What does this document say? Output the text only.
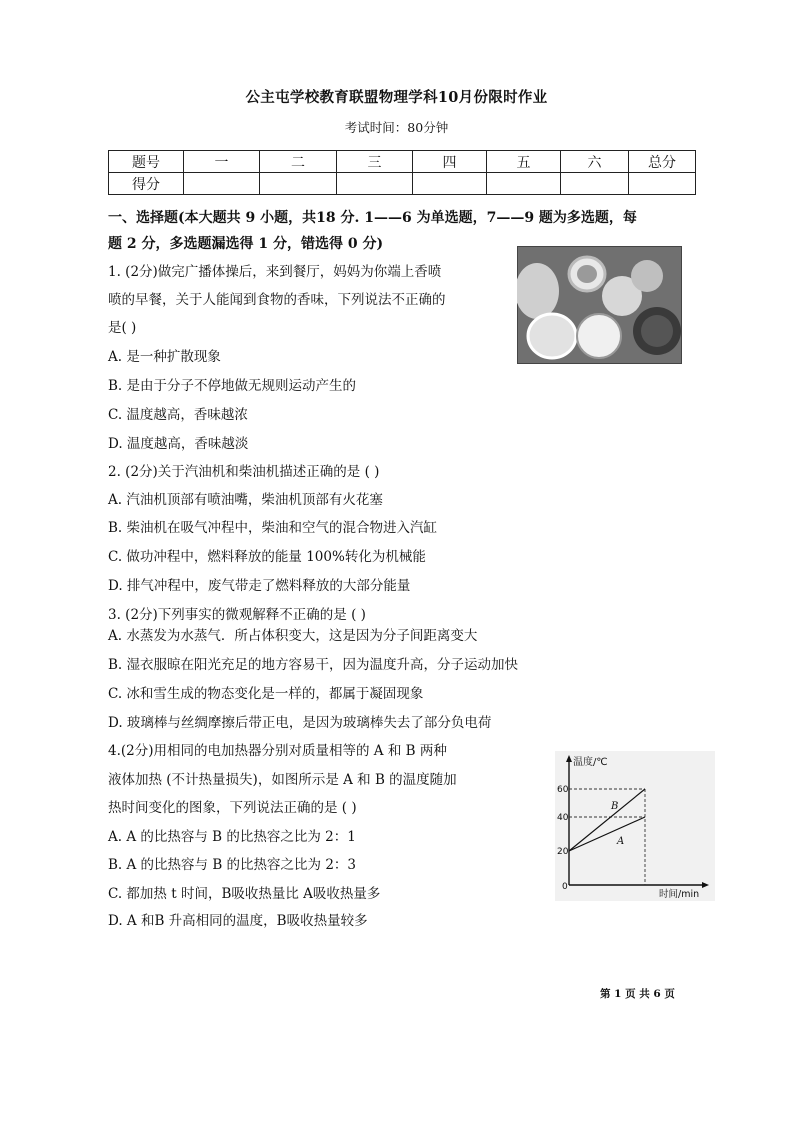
公主屯学校教育联盟物理学科10月份限时作业
考试时间：80分钟
题号	一	二	三	四	五	六	总分
得分							
一、选择题(本大题共 9 小题，共18 分. 1——6 为单选题，7——9 题为多选题，每
题 2 分，多选题漏选得 1 分，错选得 0 分)
1. (2分)做完广播体操后，来到餐厅，妈妈为你端上香喷
喷的早餐，关于人能闻到食物的香味，下列说法不正确的
是( )
A. 是一种扩散现象
B. 是由于分子不停地做无规则运动产生的
C. 温度越高，香味越浓
D. 温度越高，香味越淡
2. (2分)关于汽油机和柴油机描述正确的是 ( )
A. 汽油机顶部有喷油嘴，柴油机顶部有火花塞
B. 柴油机在吸气冲程中，柴油和空气的混合物进入汽缸
C. 做功冲程中，燃料释放的能量 100%转化为机械能
D. 排气冲程中，废气带走了燃料释放的大部分能量
3. (2分)下列事实的微观解释不正确的是 ( )
A. 水蒸发为水蒸气．所占体积变大，这是因为分子间距离变大
B. 湿衣服晾在阳光充足的地方容易干，因为温度升高，分子运动加快
C. 冰和雪生成的物态变化是一样的，都属于凝固现象
D. 玻璃棒与丝绸摩擦后带正电，是因为玻璃棒失去了部分负电荷
4.(2分)用相同的电加热器分别对质量相等的 A 和 B 两种
液体加热 (不计热量损失)，如图所示是 A 和 B 的温度随加
热时间变化的图象，下列说法正确的是 ( )
A. A 的比热容与 B 的比热容之比为 2：1
B. A 的比热容与 B 的比热容之比为 2：3
C. 都加热 t 时间，B吸收热量比 A吸收热量多
D. A 和B 升高相同的温度，B吸收热量较多
温度/℃
时间/min
60
40
20
0
B
A
第 1 页 共 6 页
